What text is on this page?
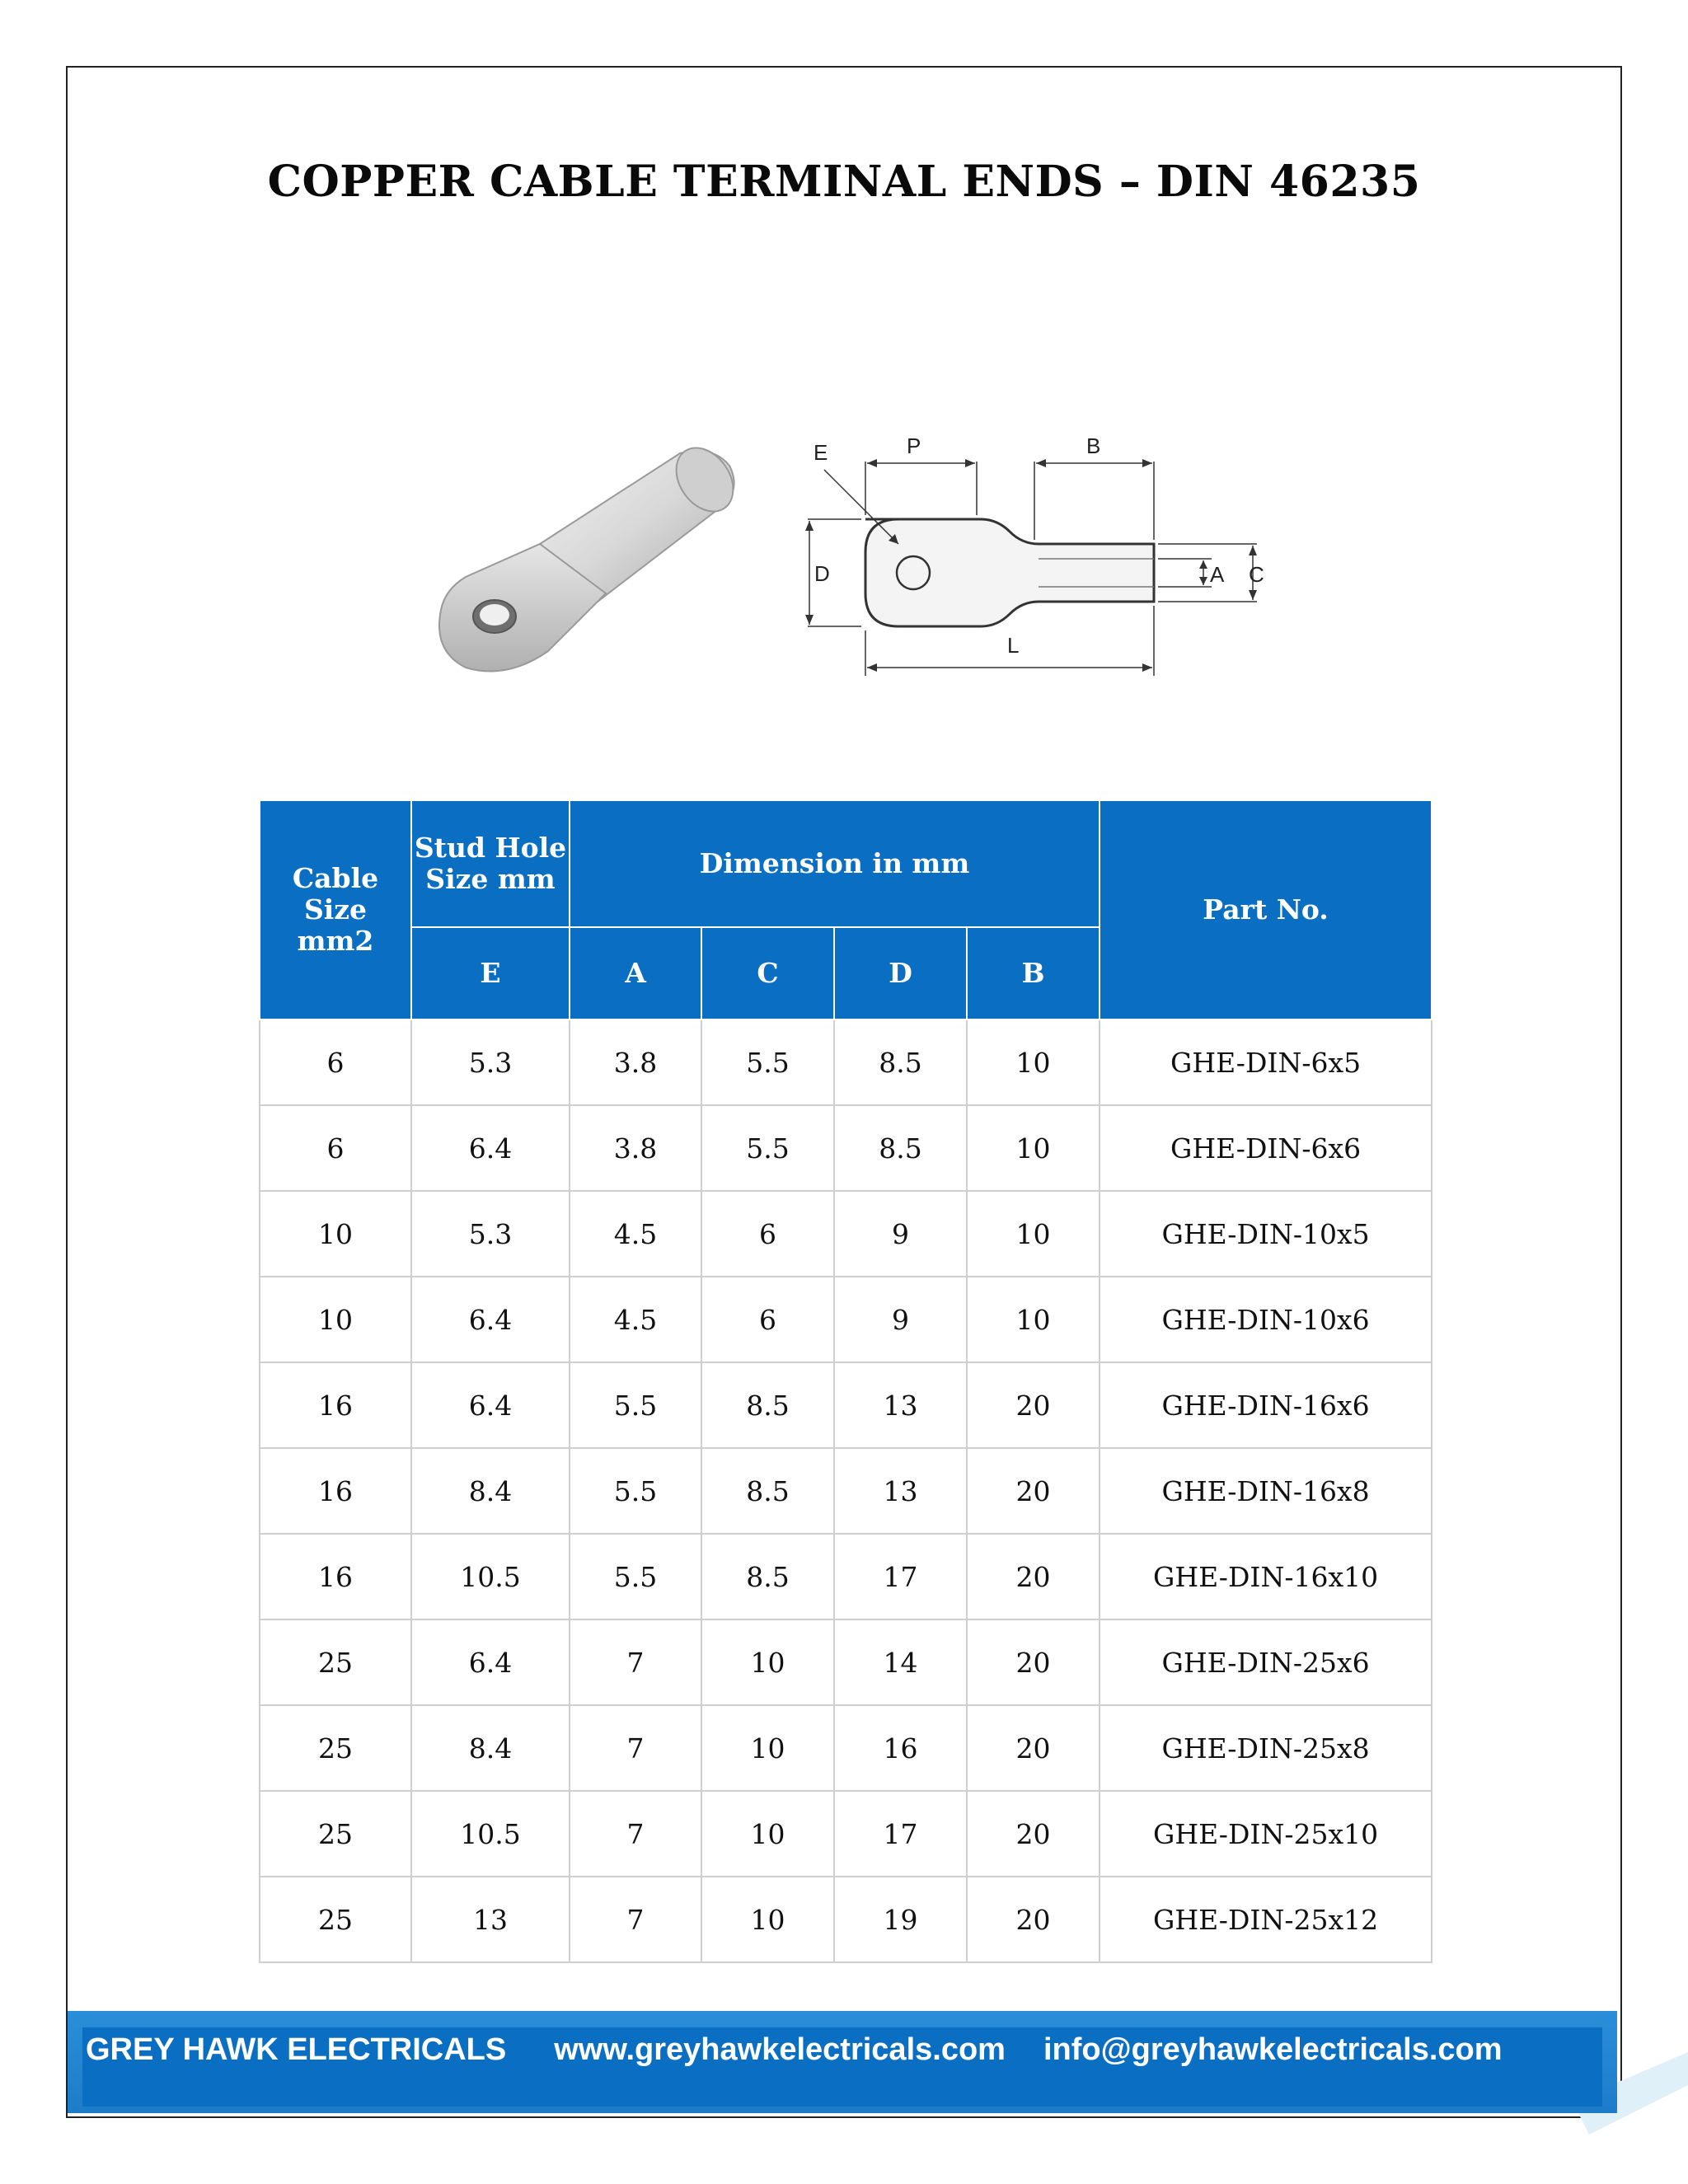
COPPER CABLE TERMINAL ENDS – DIN 46235
P
E	B
D	A C
L
Cable Size mm2	Stud Hole Size mm	Dimension in mm				Part No.
	E	A	C	D	B	
6	5.3	3.8	5.5	8.5	10	GHE-DIN-6x5
6	6.4	3.8	5.5	8.5	10	GHE-DIN-6x6
10	5.3	4.5	6	9	10	GHE-DIN-10x5
10	6.4	4.5	6	9	10	GHE-DIN-10x6
16	6.4	5.5	8.5	13	20	GHE-DIN-16x6
16	8.4	5.5	8.5	13	20	GHE-DIN-16x8
16	10.5	5.5	8.5	17	20	GHE-DIN-16x10
25	6.4	7	10	14	20	GHE-DIN-25x6
25	8.4	7	10	16	20	GHE-DIN-25x8
25	10.5	7	10	17	20	GHE-DIN-25x10
25	13	7	10	19	20	GHE-DIN-25x12
GREY HAWK ELECTRICALS www.greyhawkelectricals.com info@greyhawkelectricals.com
